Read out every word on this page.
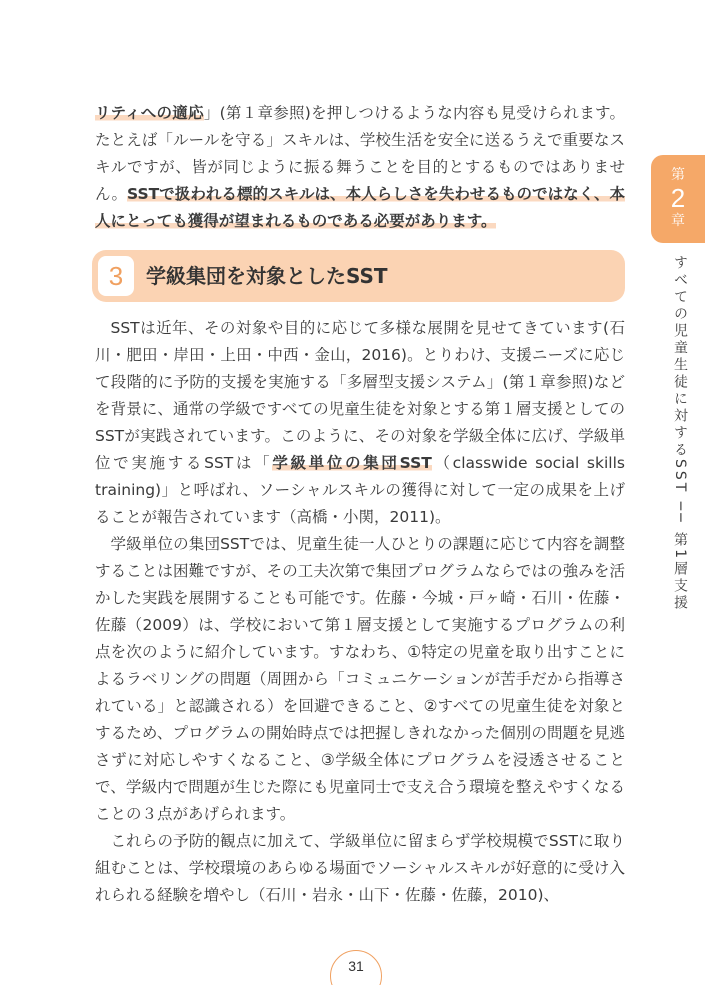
第
2
章
すべての児童生徒に対するSST ── 第1層支援

リティへの適応」(第１章参照)を押しつけるような内容も見受けられます。たとえば「ルールを守る」スキルは、学校生活を安全に送るうえで重要なスキルですが、皆が同じように振る舞うことを目的とするものではありません。SSTで扱われる標的スキルは、本人らしさを失わせるものではなく、本人にとっても獲得が望まれるものである必要があります。

3	学級集団を対象としたSST

SSTは近年、その対象や目的に応じて多様な展開を見せてきています(石川・肥田・岸田・上田・中西・金山，2016)。とりわけ、支援ニーズに応じて段階的に予防的支援を実施する「多層型支援システム」(第１章参照)などを背景に、通常の学級ですべての児童生徒を対象とする第１層支援としてのSSTが実践されています。このように、その対象を学級全体に広げ、学級単位で実施するSSTは「学級単位の集団SST（classwide social skills training)」と呼ばれ、ソーシャルスキルの獲得に対して一定の成果を上げることが報告されています（高橋・小関，2011)。

学級単位の集団SSTでは、児童生徒一人ひとりの課題に応じて内容を調整することは困難ですが、その工夫次第で集団プログラムならではの強みを活かした実践を展開することも可能です。佐藤・今城・戸ヶ崎・石川・佐藤・佐藤（2009）は、学校において第１層支援として実施するプログラムの利点を次のように紹介しています。すなわち、①特定の児童を取り出すことによるラベリングの問題（周囲から「コミュニケーションが苦手だから指導されている」と認識される）を回避できること、②すべての児童生徒を対象とするため、プログラムの開始時点では把握しきれなかった個別の問題を見逃さずに対応しやすくなること、③学級全体にプログラムを浸透させることで、学級内で問題が生じた際にも児童同士で支え合う環境を整えやすくなることの３点があげられます。

これらの予防的観点に加えて、学級単位に留まらず学校規模でSSTに取り組むことは、学校環境のあらゆる場面でソーシャルスキルが好意的に受け入れられる経験を増やし（石川・岩永・山下・佐藤・佐藤，2010)、

31
